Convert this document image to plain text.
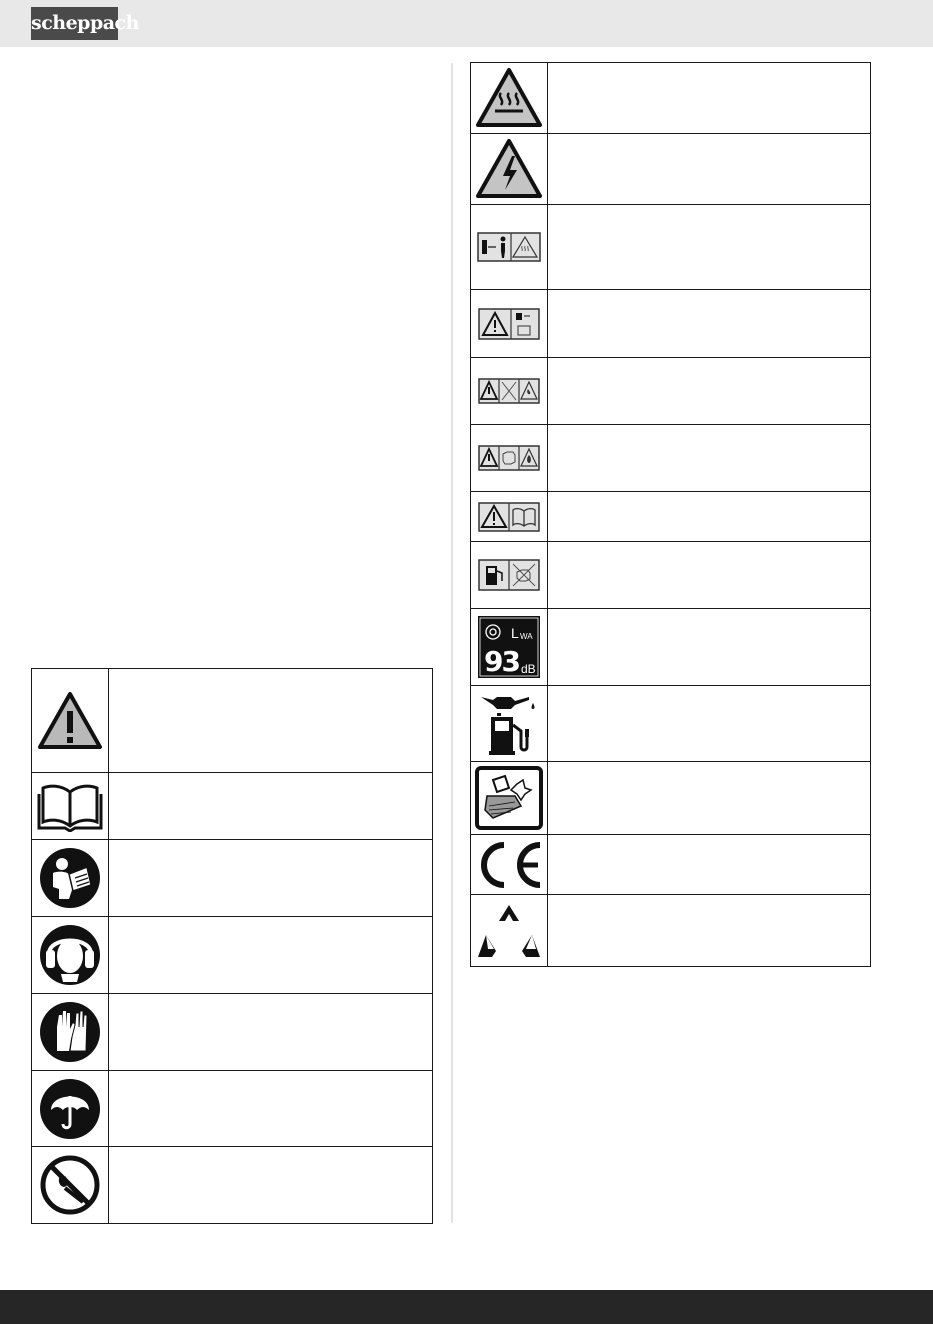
scheppach
L WA
93 dB
